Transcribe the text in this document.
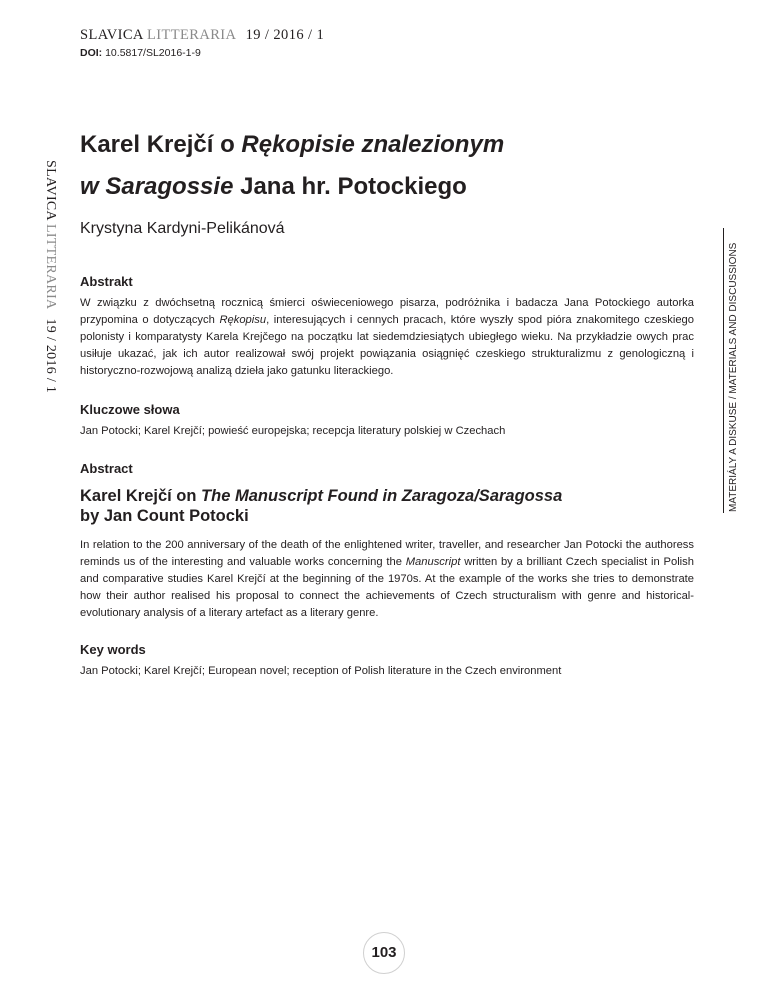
SLAVICA LITTERARIA 19 / 2016 / 1
DOI: 10.5817/SL2016-1-9
SLAVICA LITTERARIA 19 / 2016 / 1	MATERIÁLY A DISKUSE / MATERIALS AND DISCUSSIONS
Karel Krejčí o Rękopisie znalezionym
w Saragossie Jana hr. Potockiego
Krystyna Kardyni-Pelikánová
Abstrakt

W związku z dwóchsetną rocznicą śmierci oświeceniowego pisarza, podróżnika i badacza Jana Potockiego autorka przypomina o dotyczących Rękopisu, interesujących i cennych pracach, które wyszły spod pióra znakomitego czeskiego polonisty i komparatysty Karela Krejčego na początku lat siedemdziesiątych ubiegłego wieku. Na przykładzie owych prac usiłuje ukazać, jak ich autor realizował swój projekt powiązania osiągnięć czeskiego strukturalizmu z genologiczną i historyczno-rozwojową analizą dzieła jako gatunku literackiego.

Kluczowe słowa

Jan Potocki; Karel Krejčí; powieść europejska; recepcja literatury polskiej w Czechach

Abstract
Karel Krejčí on The Manuscript Found in Zaragoza/Saragossa
by Jan Count Potocki

In relation to the 200 anniversary of the death of the enlightened writer, traveller, and researcher Jan Potocki the authoress reminds us of the interesting and valuable works concerning the Manuscript written by a brilliant Czech specialist in Polish and comparative studies Karel Krejčí at the beginning of the 1970s. At the example of the works she tries to demonstrate how their author realised his proposal to connect the achievements of Czech structuralism with genre and historical-evolutionary analysis of a literary artefact as a literary genre.

Key words

Jan Potocki; Karel Krejčí; European novel; reception of Polish literature in the Czech environment

103
